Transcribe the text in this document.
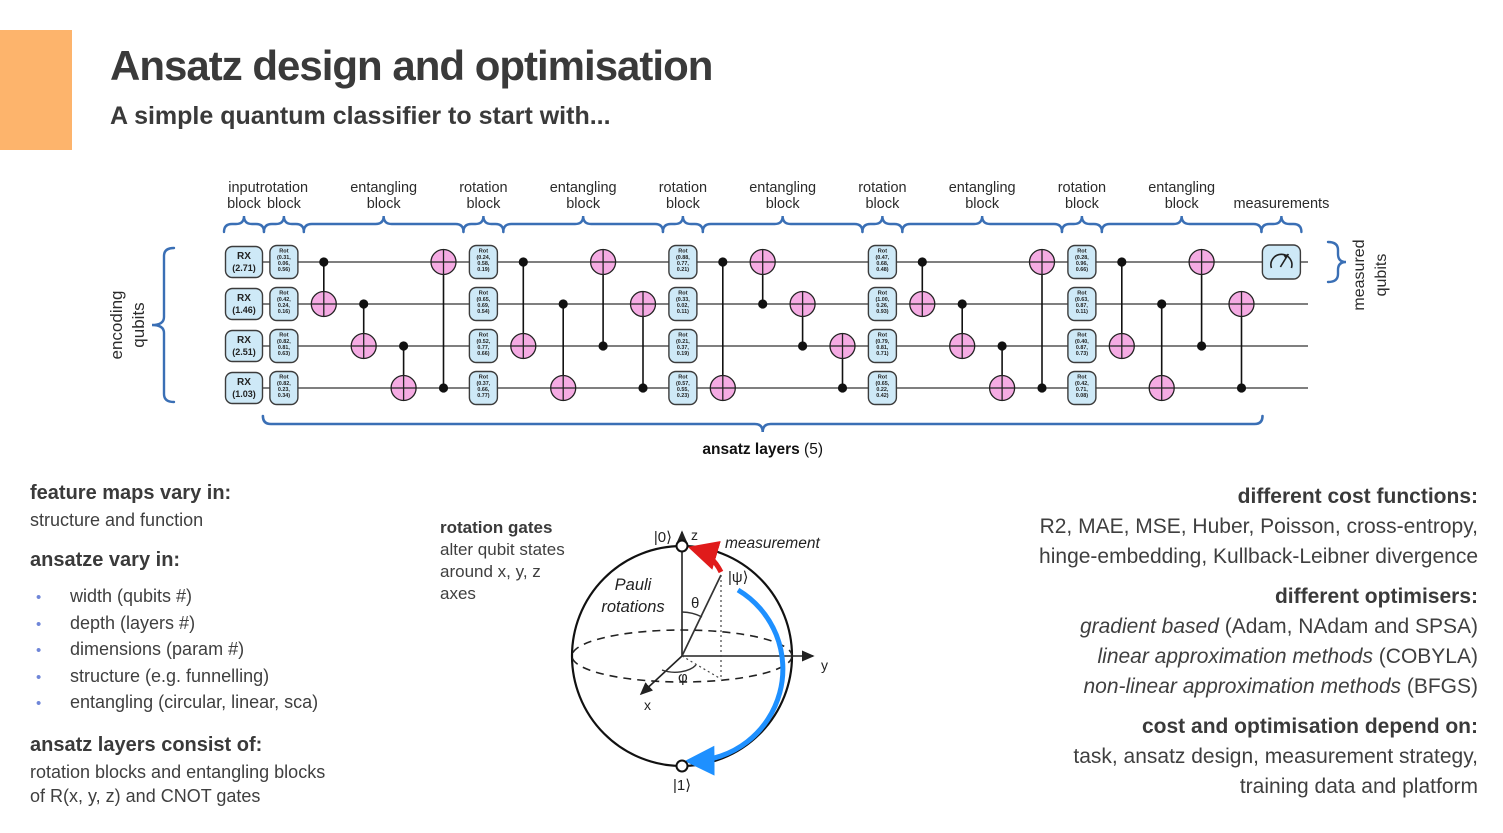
Ansatz design and optimisation
A simple quantum classifier to start with...
input
block
rotation
block
entangling
block
rotation
block
entangling
block
rotation
block
entangling
block
rotation
block
entangling
block
rotation
block
entangling
block measurements
encoding qubits
measured qubits
ansatz layers (5)
RX
(2.71)
RX
(1.46)
RX
(2.51)
RX
(1.03)
Rot
(0.31,
0.06,
0.56)
Rot
(0.42,
0.24,
0.16)
Rot
(0.82,
0.81,
0.63)
Rot
(0.82,
0.23,
0.34)
Rot
(0.24,
0.58,
0.19)
Rot
(0.65,
0.69,
0.54)
Rot
(0.52,
0.77,
0.66)
Rot
(0.37,
0.66,
0.77)
Rot
(0.88,
0.77,
0.21)
Rot
(0.33,
0.02,
0.11)
Rot
(0.21,
0.37,
0.19)
Rot
(0.57,
0.55,
0.23)
Rot
(0.47,
0.68,
0.48)
Rot
(1.00,
0.26,
0.93)
Rot
(0.79,
0.81,
0.71)
Rot
(0.65,
0.22,
0.42)
Rot
(0.28,
0.96,
0.66)
Rot
(0.63,
0.87,
0.11)
Rot
(0.40,
0.87,
0.73)
Rot
(0.42,
0.71,
0.08)
feature maps vary in:
structure and function
ansatze vary in:
•	width (qubits #)
•	depth (layers #)
•	dimensions (param #)
•	structure (e.g. funnelling)
•	entangling (circular, linear, sca)
ansatz layers consist of:
rotation blocks and entangling blocks
of R(x, y, z) and CNOT gates
rotation gates
alter qubit states
around x, y, z
axes
z
y
x
|0⟩
|1⟩
|ψ⟩
θ
φ
Pauli
rotations
measurement
different cost functions:
R2, MAE, MSE, Huber, Poisson, cross-entropy,
hinge-embedding, Kullback-Leibner divergence
different optimisers:
gradient based (Adam, NAdam and SPSA)
linear approximation methods (COBYLA)
non-linear approximation methods (BFGS)
cost and optimisation depend on:
task, ansatz design, measurement strategy,
training data and platform
